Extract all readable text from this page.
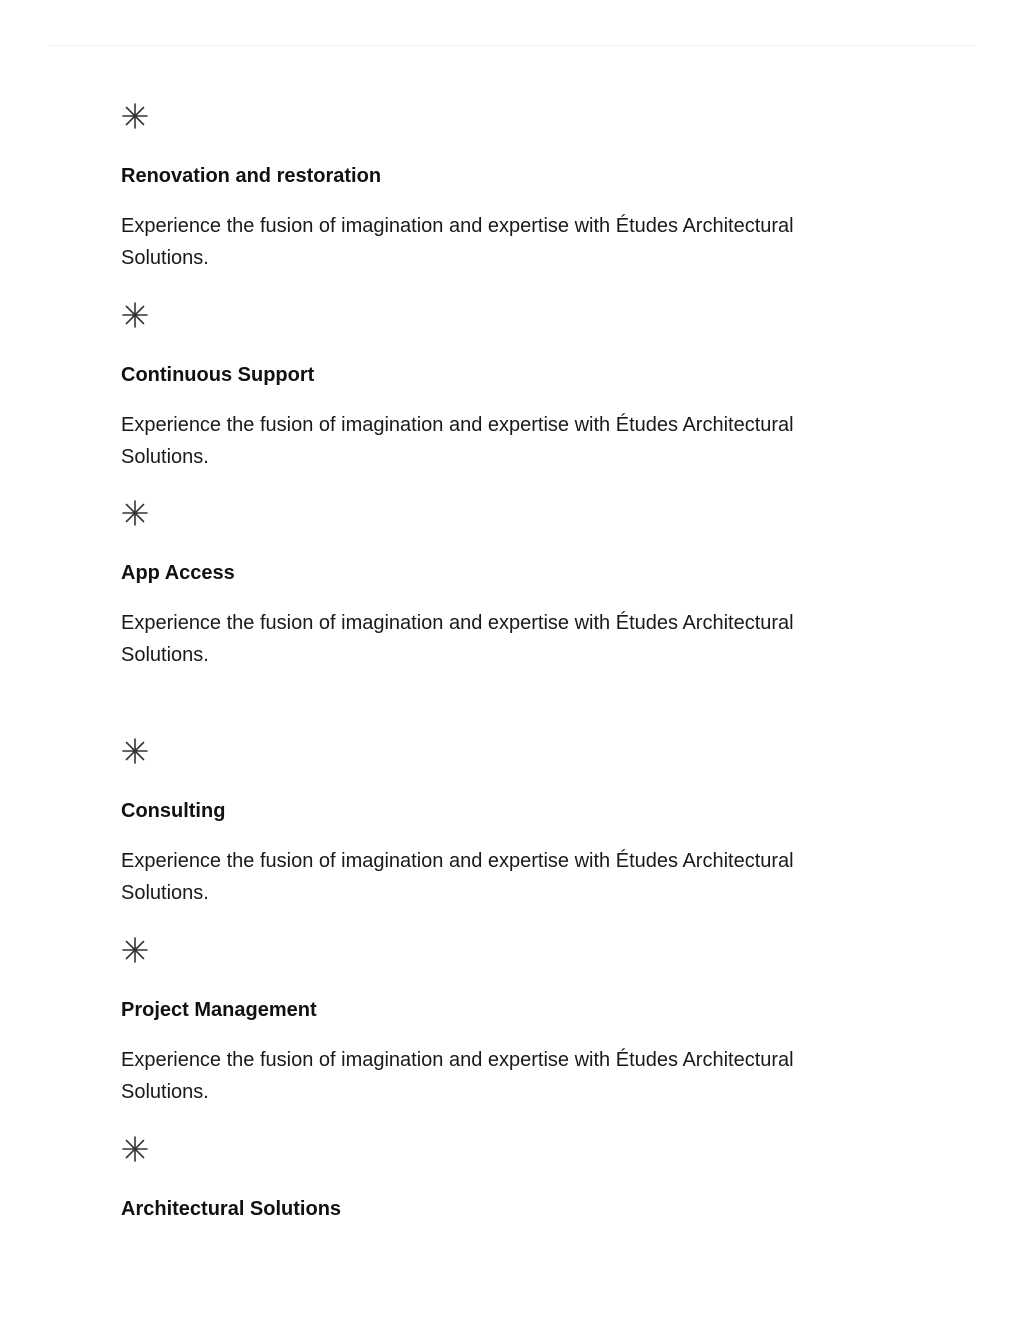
Renovation and restoration

Experience the fusion of imagination and expertise with Études Architectural Solutions.

Continuous Support

Experience the fusion of imagination and expertise with Études Architectural Solutions.

App Access

Experience the fusion of imagination and expertise with Études Architectural Solutions.

Consulting

Experience the fusion of imagination and expertise with Études Architectural Solutions.

Project Management

Experience the fusion of imagination and expertise with Études Architectural Solutions.

Architectural Solutions
